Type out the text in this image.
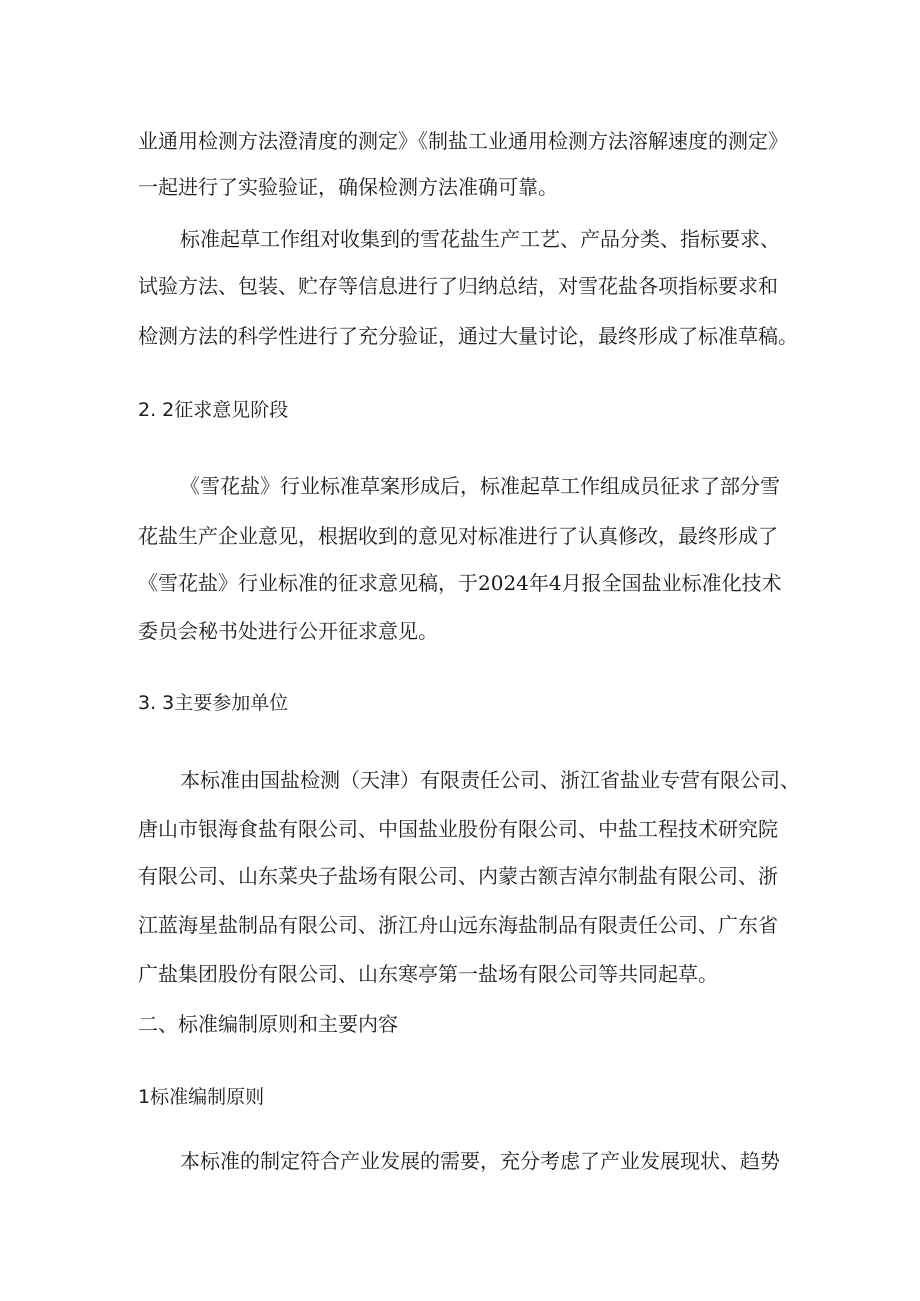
业通用检测方法澄清度的测定》《制盐工业通用检测方法溶解速度的测定》
一起进行了实验验证，确保检测方法准确可靠。
标准起草工作组对收集到的雪花盐生产工艺、产品分类、指标要求、
试验方法、包装、贮存等信息进行了归纳总结，对雪花盐各项指标要求和
检测方法的科学性进行了充分验证，通过大量讨论，最终形成了标准草稿。
2. 2征求意见阶段
《雪花盐》行业标准草案形成后，标准起草工作组成员征求了部分雪
花盐生产企业意见，根据收到的意见对标准进行了认真修改，最终形成了
《雪花盐》行业标准的征求意见稿，于2024年4月报全国盐业标准化技术
委员会秘书处进行公开征求意见。
3. 3主要参加单位
本标准由国盐检测（天津）有限责任公司、浙江省盐业专营有限公司、
唐山市银海食盐有限公司、中国盐业股份有限公司、中盐工程技术研究院
有限公司、山东菜央子盐场有限公司、内蒙古额吉淖尔制盐有限公司、浙
江蓝海星盐制品有限公司、浙江舟山远东海盐制品有限责任公司、广东省
广盐集团股份有限公司、山东寒亭第一盐场有限公司等共同起草。
二、标准编制原则和主要内容
1标准编制原则
本标准的制定符合产业发展的需要，充分考虑了产业发展现状、趋势
